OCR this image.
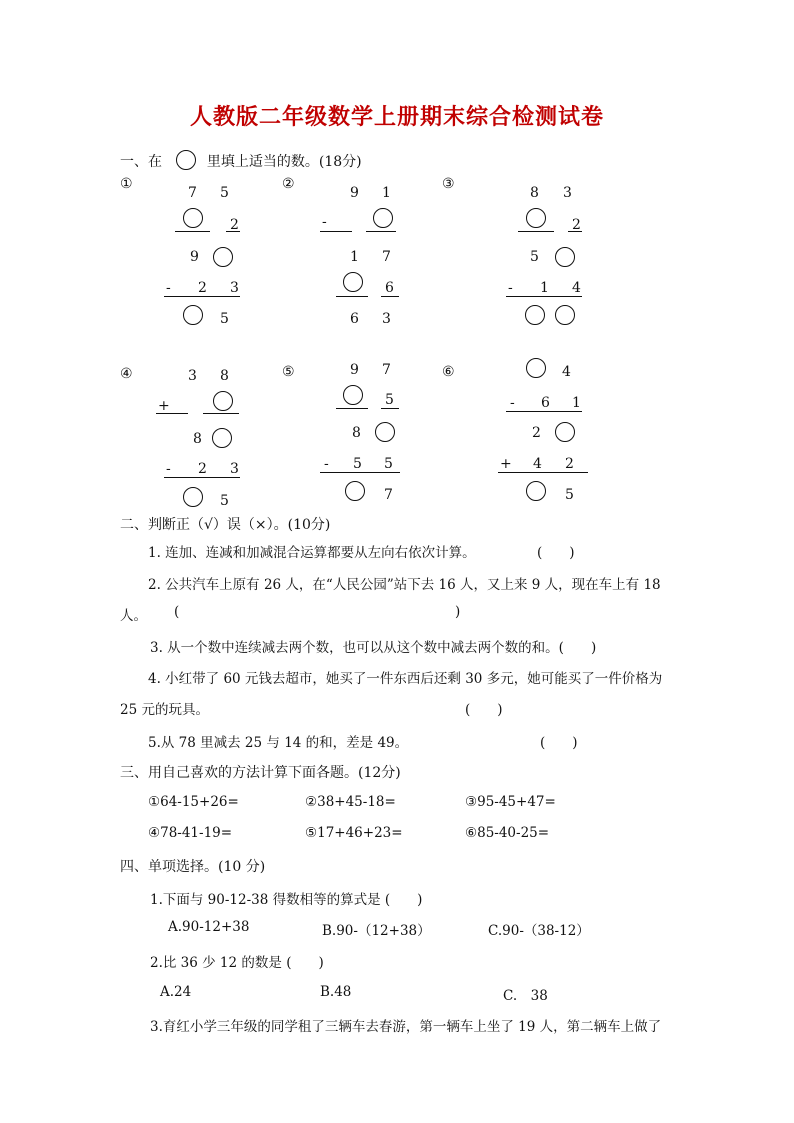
人教版二年级数学上册期末综合检测试卷
一、在	里填上适当的数。(18分)
①	②	③
④	⑤	⑥
7 5
2
9
- 2 3
5
9 1
-
1 7
6
6 3
8 3
2
5
- 1 4
3 8
+
8
- 2 3
5
9 7
5
8
- 5 5
7
4
- 6 1
2
+ 4 2
5
二、判断正（√）误（×）。(10分)
1. 连加、连减和加减混合运算都要从左向右依次计算。	(　　)
2. 公共汽车上原有 26 人，在“人民公园”站下去 16 人，又上来 9 人，现在车上有 18
人。 (	)
3. 从一个数中连续减去两个数，也可以从这个数中减去两个数的和。(　　)
4. 小红带了 60 元钱去超市，她买了一件东西后还剩 30 多元，她可能买了一件价格为
25 元的玩具。	(　　)
5.从 78 里减去 25 与 14 的和，差是 49。	(　　)
三、用自己喜欢的方法计算下面各题。(12分)
①64-15+26=	②38+45-18=	③95-45+47=
④78-41-19=	⑤17+46+23=	⑥85-40-25=
四、单项选择。(10 分)
1.下面与 90-12-38 得数相等的算式是 (　　)
A.90-12+38	B.90-（12+38）	C.90-（38-12）
2.比 36 少 12 的数是 (　　)
A.24	B.48	C.　38
3.育红小学三年级的同学租了三辆车去春游，第一辆车上坐了 19 人，第二辆车上做了
